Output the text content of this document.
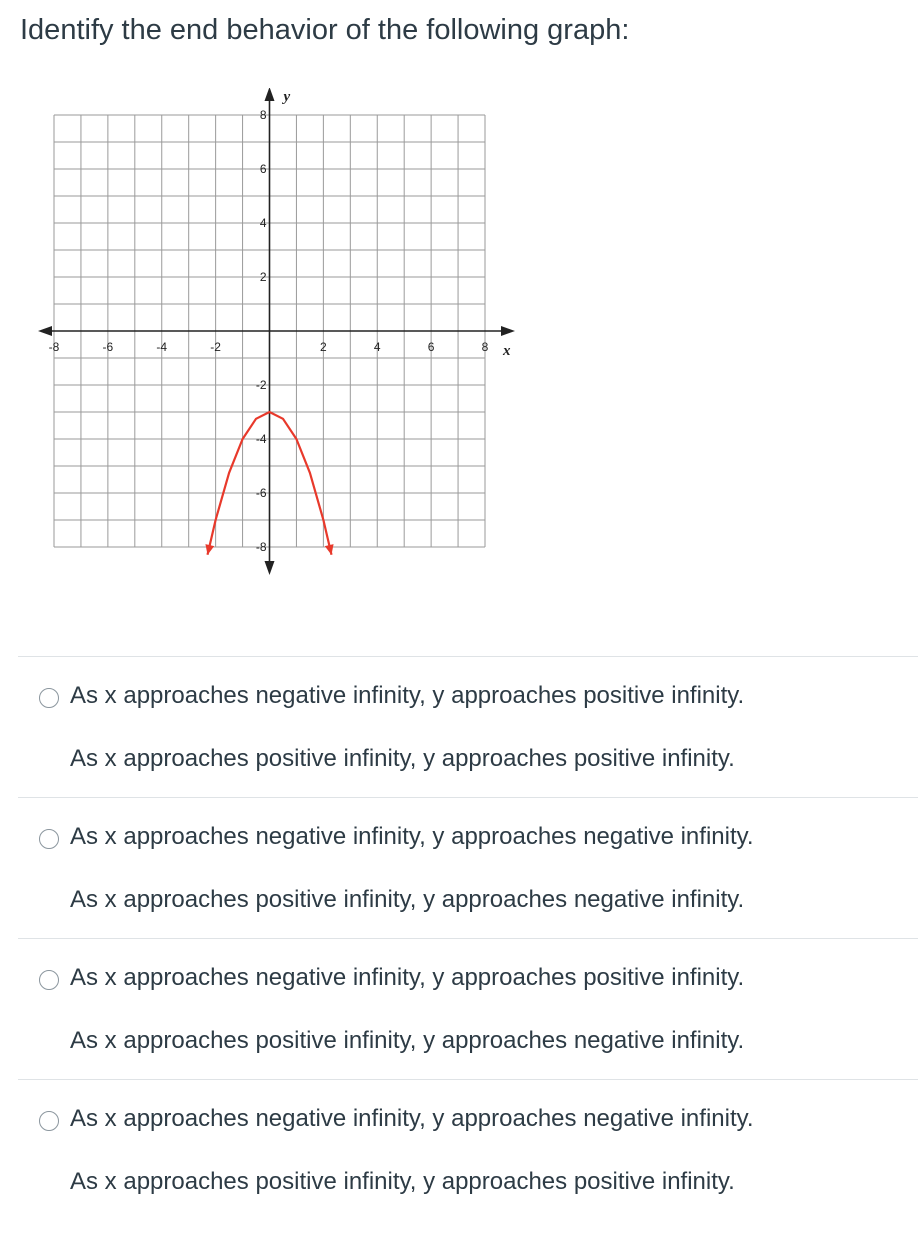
Identify the end behavior of the following graph:
x
y
-8	-6	-4	-2	2	4	6	8
8
6
4
2
-2
-4
-6
-8
As x approaches negative infinity, y approaches positive infinity.
As x approaches positive infinity, y approaches positive infinity.
As x approaches negative infinity, y approaches negative infinity.
As x approaches positive infinity, y approaches negative infinity.
As x approaches negative infinity, y approaches positive infinity.
As x approaches positive infinity, y approaches negative infinity.
As x approaches negative infinity, y approaches negative infinity.
As x approaches positive infinity, y approaches positive infinity.
